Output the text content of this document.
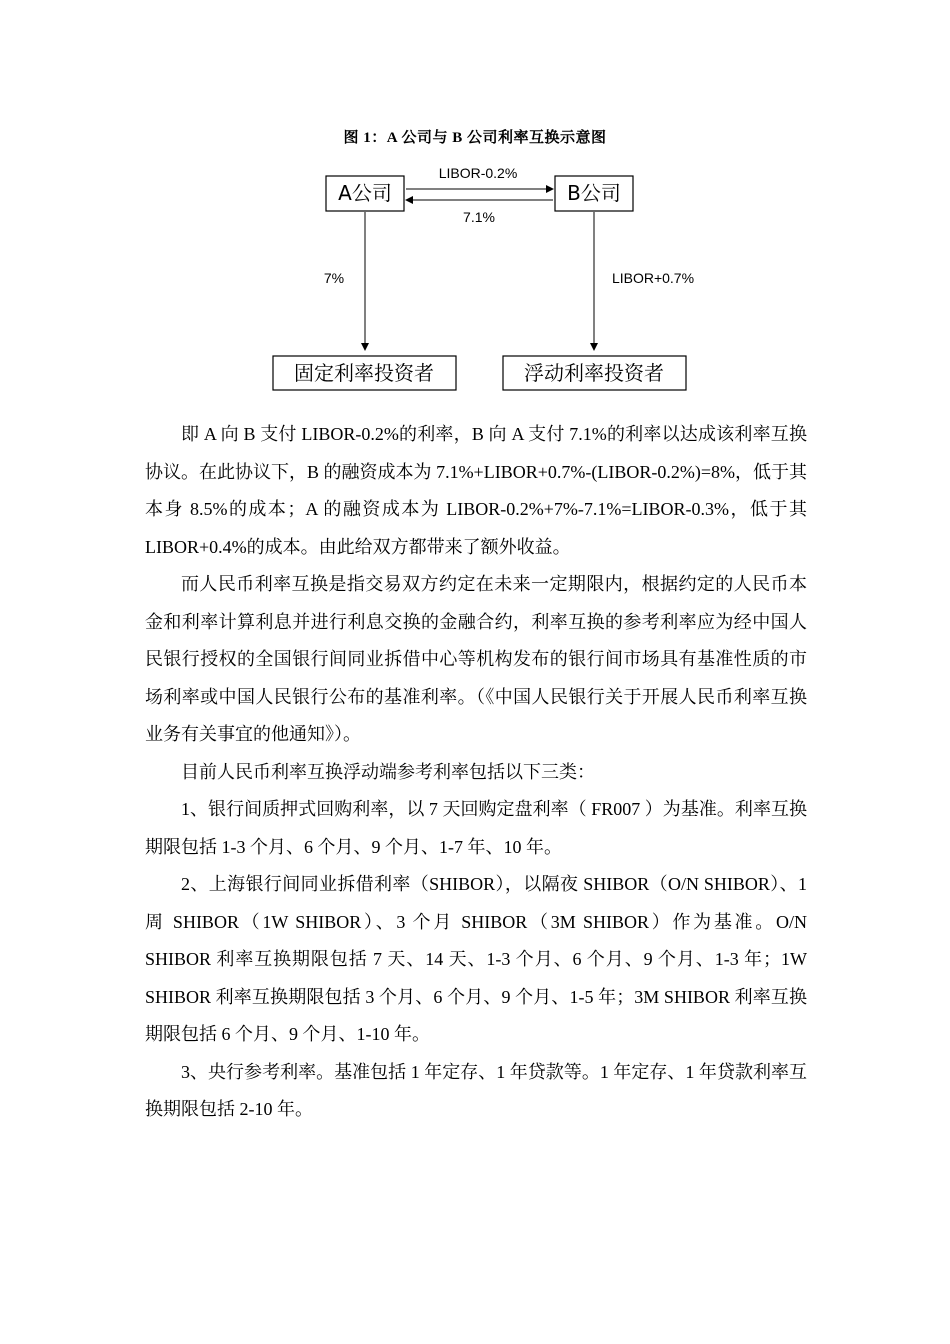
图 1：A 公司与 B 公司利率互换示意图
A公司	B公司
LIBOR-0.2%
7.1%
7%	LIBOR+0.7%
固定利率投资者	浮动利率投资者

即 A 向 B 支付 LIBOR-0.2%的利率，B 向 A 支付 7.1%的利率以达成该利率互换协议。在此协议下，B 的融资成本为 7.1%+LIBOR+0.7%-(LIBOR-0.2%)=8%，低于其本身 8.5%的成本；A 的融资成本为 LIBOR-0.2%+7%-7.1%=LIBOR-0.3%，低于其 LIBOR+0.4%的成本。由此给双方都带来了额外收益。

而人民币利率互换是指交易双方约定在未来一定期限内，根据约定的人民币本金和利率计算利息并进行利息交换的金融合约，利率互换的参考利率应为经中国人民银行授权的全国银行间同业拆借中心等机构发布的银行间市场具有基准性质的市场利率或中国人民银行公布的基准利率。（《中国人民银行关于开展人民币利率互换业务有关事宜的他通知》）。

目前人民币利率互换浮动端参考利率包括以下三类：

1、银行间质押式回购利率，以 7 天回购定盘利率（ FR007 ）为基准。利率互换期限包括 1-3 个月、6 个月、9 个月、1-7 年、10 年。

2、上海银行间同业拆借利率（SHIBOR），以隔夜 SHIBOR（O/N SHIBOR）、1 周 SHIBOR（1W SHIBOR）、3 个月 SHIBOR（3M SHIBOR）作为基准。O/N SHIBOR 利率互换期限包括 7 天、14 天、1-3 个月、6 个月、9 个月、1-3 年；1W SHIBOR 利率互换期限包括 3 个月、6 个月、9 个月、1-5 年；3M SHIBOR 利率互换期限包括 6 个月、9 个月、1-10 年。

3、央行参考利率。基准包括 1 年定存、1 年贷款等。1 年定存、1 年贷款利率互换期限包括 2-10 年。
